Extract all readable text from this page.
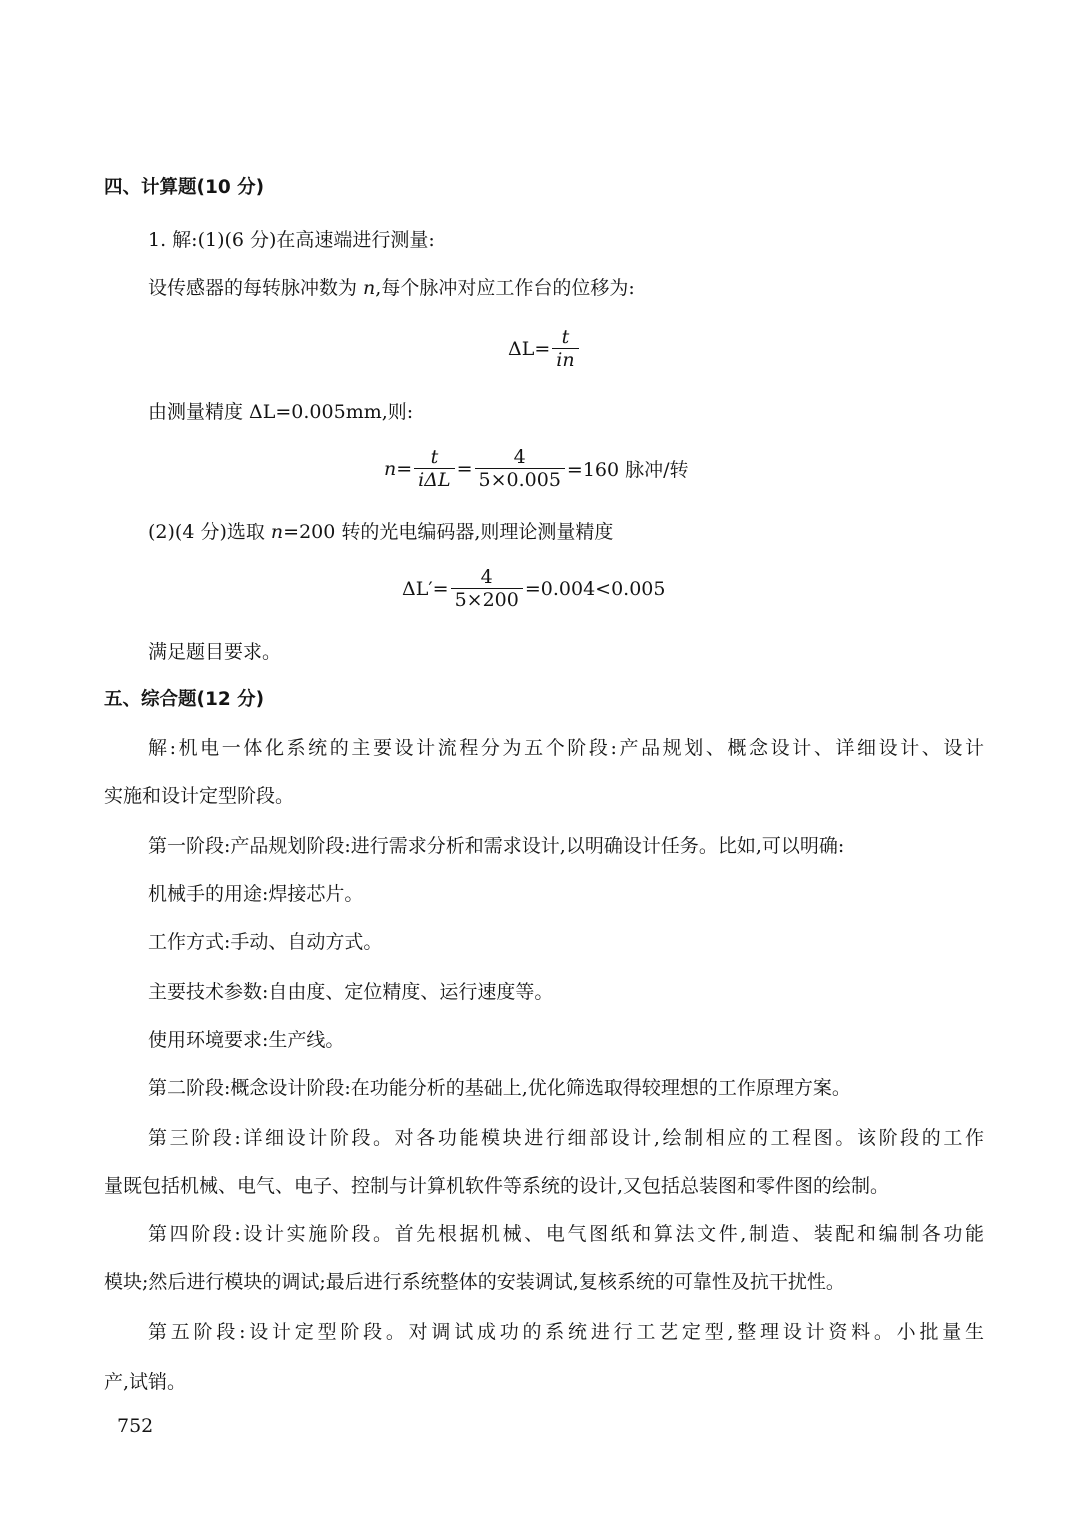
四、计算题(10 分)
1. 解:(1)(6 分)在高速端进行测量:
设传感器的每转脉冲数为 n,每个脉冲对应工作台的位移为:
$\Delta L= \frac{t}{in}$
由测量精度 ΔL=0.005mm,则:
$n= \frac{t}{\text{iΔL}} = \frac{4}{5\times 0.005} =160$ 脉冲/转
(2)(4 分)选取 n=200 转的光电编码器,则理论测量精度
$\Delta L'= \frac{4}{5\times 200} =0.004<0.005$
满足题目要求。
五、综合题(12 分)
解:机电一体化系统的主要设计流程分为五个阶段:产品规划、概念设计、详细设计、设计
实施和设计定型阶段。
第一阶段:产品规划阶段:进行需求分析和需求设计,以明确设计任务。比如,可以明确:
机械手的用途:焊接芯片。
工作方式:手动、自动方式。
主要技术参数:自由度、定位精度、运行速度等。
使用环境要求:生产线。
第二阶段:概念设计阶段:在功能分析的基础上,优化筛选取得较理想的工作原理方案。
第三阶段:详细设计阶段。对各功能模块进行细部设计,绘制相应的工程图。该阶段的工作
量既包括机械、电气、电子、控制与计算机软件等系统的设计,又包括总装图和零件图的绘制。
第四阶段:设计实施阶段。首先根据机械、电气图纸和算法文件,制造、装配和编制各功能
模块;然后进行模块的调试;最后进行系统整体的安装调试,复核系统的可靠性及抗干扰性。
第五阶段:设计定型阶段。对调试成功的系统进行工艺定型,整理设计资料。小批量生
产,试销。
752
